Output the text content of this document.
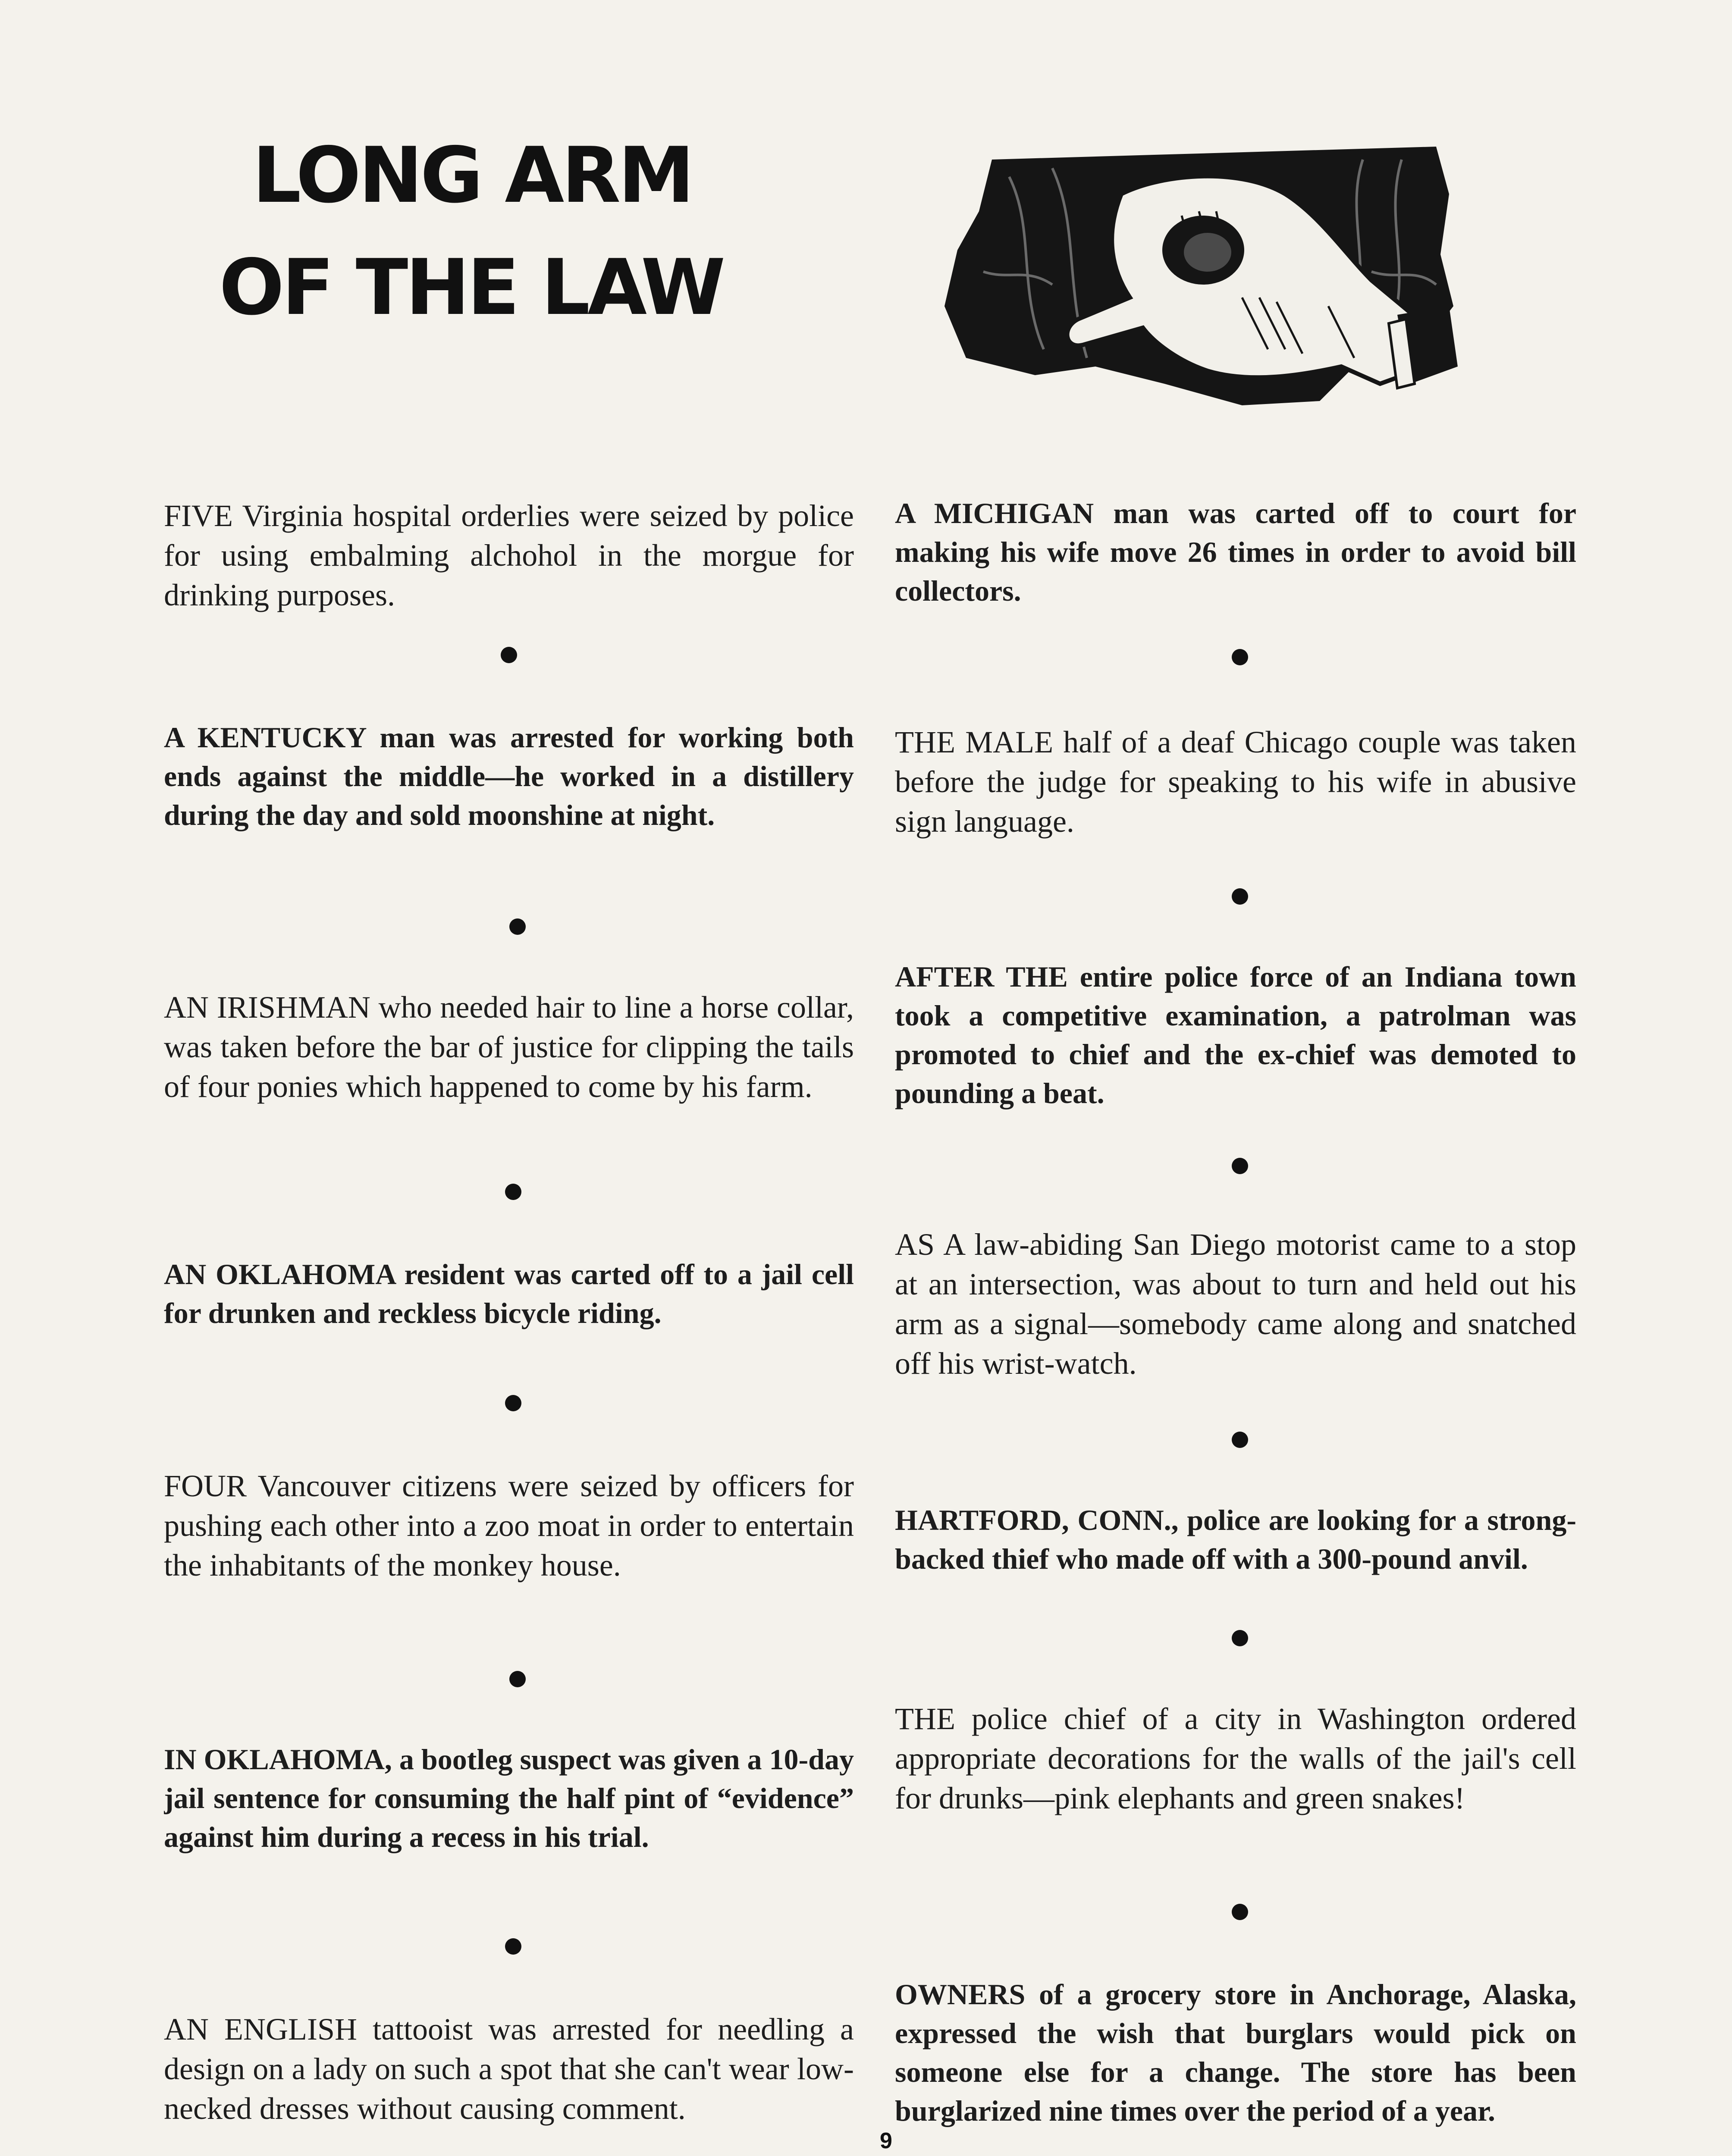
LONG ARM
OF THE LAW
FIVE Virginia hospital orderlies were seized by police for using embalming alchohol in the morgue for drinking purposes.
A KENTUCKY man was arrested for working both ends against the middle—he worked in a distillery during the day and sold moonshine at night.
AN IRISHMAN who needed hair to line a horse collar, was taken before the bar of justice for clipping the tails of four ponies which happened to come by his farm.
AN OKLAHOMA resident was carted off to a jail cell for drunken and reckless bicycle riding.
FOUR Vancouver citizens were seized by officers for pushing each other into a zoo moat in order to entertain the inhabitants of the monkey house.
IN OKLAHOMA, a bootleg suspect was given a 10-day jail sentence for consuming the half pint of “evidence” against him during a recess in his trial.
AN ENGLISH tattooist was arrested for needling a design on a lady on such a spot that she can't wear low-necked dresses without causing comment.
A MICHIGAN man was carted off to court for making his wife move 26 times in order to avoid bill collectors.
THE MALE half of a deaf Chicago couple was taken before the judge for speaking to his wife in abusive sign language.
AFTER THE entire police force of an Indiana town took a competitive examination, a patrolman was promoted to chief and the ex-chief was demoted to pounding a beat.
AS A law-abiding San Diego motorist came to a stop at an intersection, was about to turn and held out his arm as a signal—somebody came along and snatched off his wrist-watch.
HARTFORD, CONN., police are looking for a strong-backed thief who made off with a 300-pound anvil.
THE police chief of a city in Washington ordered appropriate decorations for the walls of the jail's cell for drunks—pink elephants and green snakes!
OWNERS of a grocery store in Anchorage, Alaska, expressed the wish that burglars would pick on someone else for a change. The store has been burglarized nine times over the period of a year.
9
